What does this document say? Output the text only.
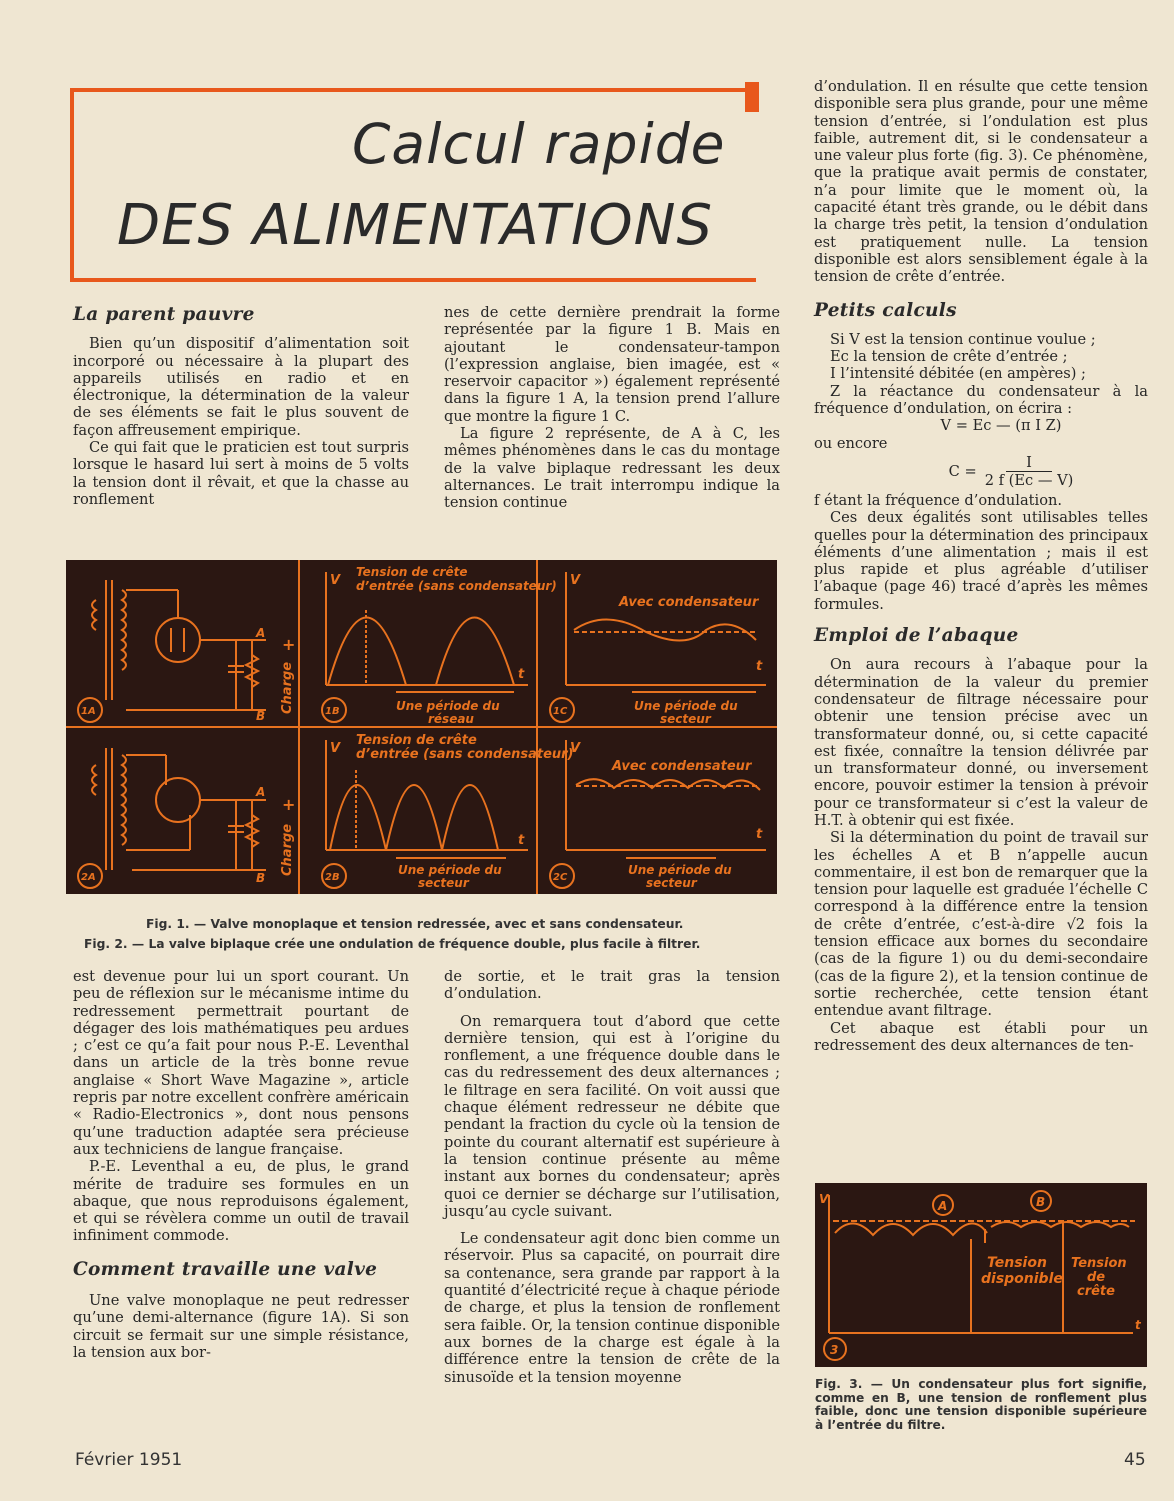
Calcul rapide
DES ALIMENTATIONS
La parent pauvre

Bien qu’un dispositif d’alimentation soit incorporé ou nécessaire à la plupart des appareils utilisés en radio et en électronique, la détermination de la valeur de ses éléments se fait le plus souvent de façon affreusement empirique.

Ce qui fait que le praticien est tout surpris lorsque le hasard lui sert à moins de 5 volts la tension dont il rêvait, et que la chasse au ronflement

nes de cette dernière prendrait la forme représentée par la figure 1 B. Mais en ajoutant le condensateur-tampon (l’expression anglaise, bien imagée, est « reservoir capacitor ») également représenté dans la figure 1 A, la tension prend l’allure que montre la figure 1 C.

La figure 2 représente, de A à C, les mêmes phénomènes dans le cas du montage de la valve biplaque redressant les deux alternances. Le trait interrompu indique la tension continue

d’ondulation. Il en résulte que cette tension disponible sera plus grande, pour une même tension d’entrée, si l’ondulation est plus faible, autrement dit, si le condensateur a une valeur plus forte (fig. 3). Ce phénomène, que la pratique avait permis de constater, n’a pour limite que le moment où, la capacité étant très grande, ou le débit dans la charge très petit, la tension d’ondulation est pratiquement nulle. La tension disponible est alors sensiblement égale à la tension de crête d’entrée.

Petits calculs

Si V est la tension continue voulue ;

Ec la tension de crête d’entrée ;

I l’intensité débitée (en ampères) ;

Z la réactance du condensateur à la fréquence d’ondulation, on écrira :

V = Ec — (π I Z)
ou encore
$C = \frac{I}{2 f (Ec — V)}$

f étant la fréquence d’ondulation.

Ces deux égalités sont utilisables telles quelles pour la détermination des principaux éléments d’une alimentation ; mais il est plus rapide et plus agréable d’utiliser l’abaque (page 46) tracé d’après les mêmes formules.

Emploi de l’abaque

On aura recours à l’abaque pour la détermination de la valeur du premier condensateur de filtrage nécessaire pour obtenir une tension précise avec un transformateur donné, ou, si cette capacité est fixée, connaître la tension délivrée par un transformateur donné, ou inversement encore, pouvoir estimer la tension à prévoir pour ce transformateur si c’est la valeur de H.T. à obtenir qui est fixée.

Si la détermination du point de travail sur les échelles A et B n’appelle aucun commentaire, il est bon de remarquer que la tension pour laquelle est graduée l’échelle C correspond à la différence entre la tension de crête d’entrée, c’est-à-dire √2 fois la tension efficace aux bornes du secondaire (cas de la figure 1) ou du demi-secondaire (cas de la figure 2), et la tension continue de sortie recherchée, cette tension étant entendue avant filtrage.

Cet abaque est établi pour un redressement des deux alternances de ten-

A
B
+
Charge
A
B
+
Charge
1A	1B	1C
2A	2B	2C
V
t
Tension de crête
d’entrée (sans condensateur)
Une période du
réseau
V
t
Avec condensateur
Une période du
secteur
V
t
Tension de crête
d’entrée (sans condensateur)
Une période du
secteur
V
t
Avec condensateur
Une période du
secteur
Fig. 1. — Valve monoplaque et tension redressée, avec et sans condensateur.
Fig. 2. — La valve biplaque crée une ondulation de fréquence double, plus facile à filtrer.

est devenue pour lui un sport courant. Un peu de réflexion sur le mécanisme intime du redressement permettrait pourtant de dégager des lois mathématiques peu ardues ; c’est ce qu’a fait pour nous P.-E. Leventhal dans un article de la très bonne revue anglaise « Short Wave Magazine », article repris par notre excellent confrère américain « Radio-Electronics », dont nous pensons qu’une traduction adaptée sera précieuse aux techniciens de langue française.

P.-E. Leventhal a eu, de plus, le grand mérite de traduire ses formules en un abaque, que nous reproduisons également, et qui se révèlera comme un outil de travail infiniment commode.

Comment travaille une valve

Une valve monoplaque ne peut redresser qu’une demi-alternance (figure 1A). Si son circuit se fermait sur une simple résistance, la tension aux bor-

de sortie, et le trait gras la tension d’ondulation.

On remarquera tout d’abord que cette dernière tension, qui est à l’origine du ronflement, a une fréquence double dans le cas du redressement des deux alternances ; le filtrage en sera facilité. On voit aussi que chaque élément redresseur ne débite que pendant la fraction du cycle où la tension de pointe du courant alternatif est supérieure à la tension continue présente au même instant aux bornes du condensateur; après quoi ce dernier se décharge sur l’utilisation, jusqu’au cycle suivant.

Le condensateur agit donc bien comme un réservoir. Plus sa capacité, on pourrait dire sa contenance, sera grande par rapport à la quantité d’électricité reçue à chaque période de charge, et plus la tension de ronflement sera faible. Or, la tension continue disponible aux bornes de la charge est égale à la différence entre la tension de crête de la sinusoïde et la tension moyenne

V
t
A	B
3
Tension
disponible
Tension
de
crête
Fig. 3. — Un condensateur plus fort signifie, comme en B, une tension de ronflement plus faible, donc une tension disponible supérieure à l’entrée du filtre.
Février 1951	45
